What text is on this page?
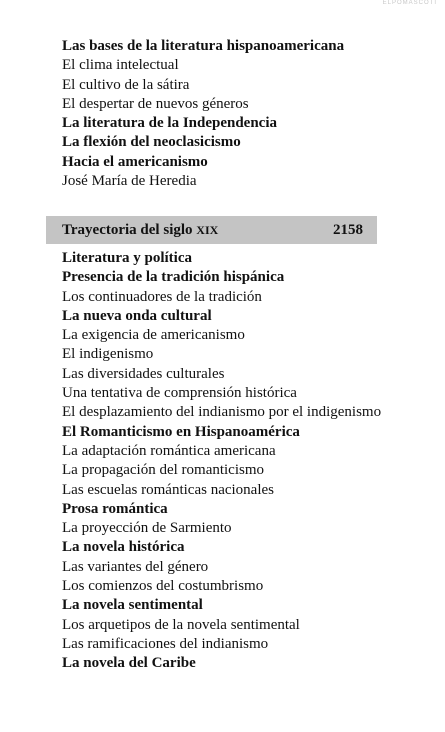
ELPOMASCOTI
Las bases de la literatura hispanoamericana
El clima intelectual
El cultivo de la sátira
El despertar de nuevos géneros
La literatura de la Independencia
La flexión del neoclasicismo
Hacia el americanismo
José María de Heredia
Trayectoria del siglo XIX	2158
Literatura y política
Presencia de la tradición hispánica
Los continuadores de la tradición
La nueva onda cultural
La exigencia de americanismo
El indigenismo
Las diversidades culturales
Una tentativa de comprensión histórica
El desplazamiento del indianismo por el indigenismo
El Romanticismo en Hispanoamérica
La adaptación romántica americana
La propagación del romanticismo
Las escuelas románticas nacionales
Prosa romántica
La proyección de Sarmiento
La novela histórica
Las variantes del género
Los comienzos del costumbrismo
La novela sentimental
Los arquetipos de la novela sentimental
Las ramificaciones del indianismo
La novela del Caribe
